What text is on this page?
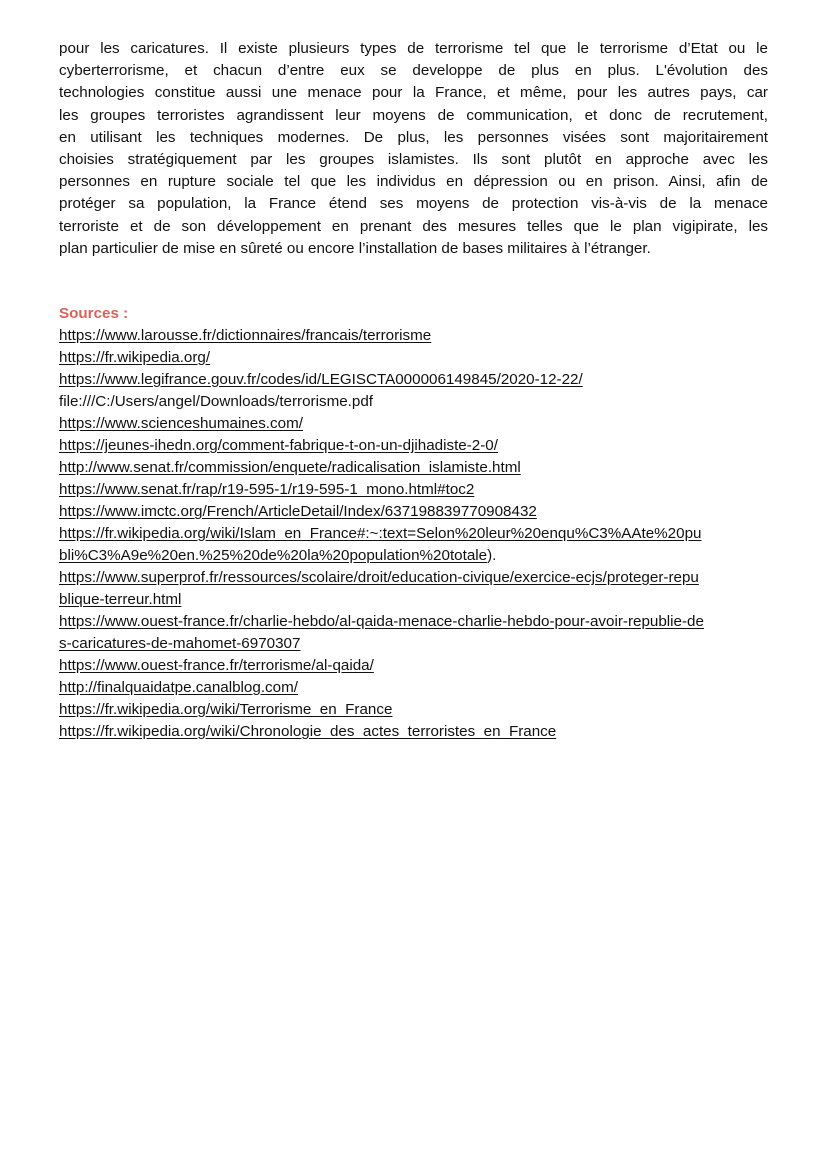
pour les caricatures. Il existe plusieurs types de terrorisme tel que le terrorisme d’Etat ou le
cyberterrorisme, et chacun d’entre eux se developpe de plus en plus. L'évolution des
technologies constitue aussi une menace pour la France, et même, pour les autres pays, car
les groupes terroristes agrandissent leur moyens de communication, et donc de recrutement,
en utilisant les techniques modernes. De plus, les personnes visées sont majoritairement
choisies stratégiquement par les groupes islamistes. Ils sont plutôt en approche avec les
personnes en rupture sociale tel que les individus en dépression ou en prison. Ainsi, afin de
protéger sa population, la France étend ses moyens de protection vis-à-vis de la menace
terroriste et de son développement en prenant des mesures telles que le plan vigipirate, les
plan particulier de mise en sûreté ou encore l’installation de bases militaires à l’étranger.

Sources :
https://www.larousse.fr/dictionnaires/francais/terrorisme
https://fr.wikipedia.org/
https://www.legifrance.gouv.fr/codes/id/LEGISCTA000006149845/2020-12-22/
file:///C:/Users/angel/Downloads/terrorisme.pdf
https://www.scienceshumaines.com/
https://jeunes-ihedn.org/comment-fabrique-t-on-un-djihadiste-2-0/
http://www.senat.fr/commission/enquete/radicalisation_islamiste.html
https://www.senat.fr/rap/r19-595-1/r19-595-1_mono.html#toc2
https://www.imctc.org/French/ArticleDetail/Index/637198839770908432
https://fr.wikipedia.org/wiki/Islam_en_France#:~:text=Selon%20leur%20enqu%C3%AAte%20pu
bli%C3%A9e%20en.%25%20de%20la%20population%20totale).
https://www.superprof.fr/ressources/scolaire/droit/education-civique/exercice-ecjs/proteger-repu
blique-terreur.html
https://www.ouest-france.fr/charlie-hebdo/al-qaida-menace-charlie-hebdo-pour-avoir-republie-de
s-caricatures-de-mahomet-6970307
https://www.ouest-france.fr/terrorisme/al-qaida/
http://finalquaidatpe.canalblog.com/
https://fr.wikipedia.org/wiki/Terrorisme_en_France
https://fr.wikipedia.org/wiki/Chronologie_des_actes_terroristes_en_France
